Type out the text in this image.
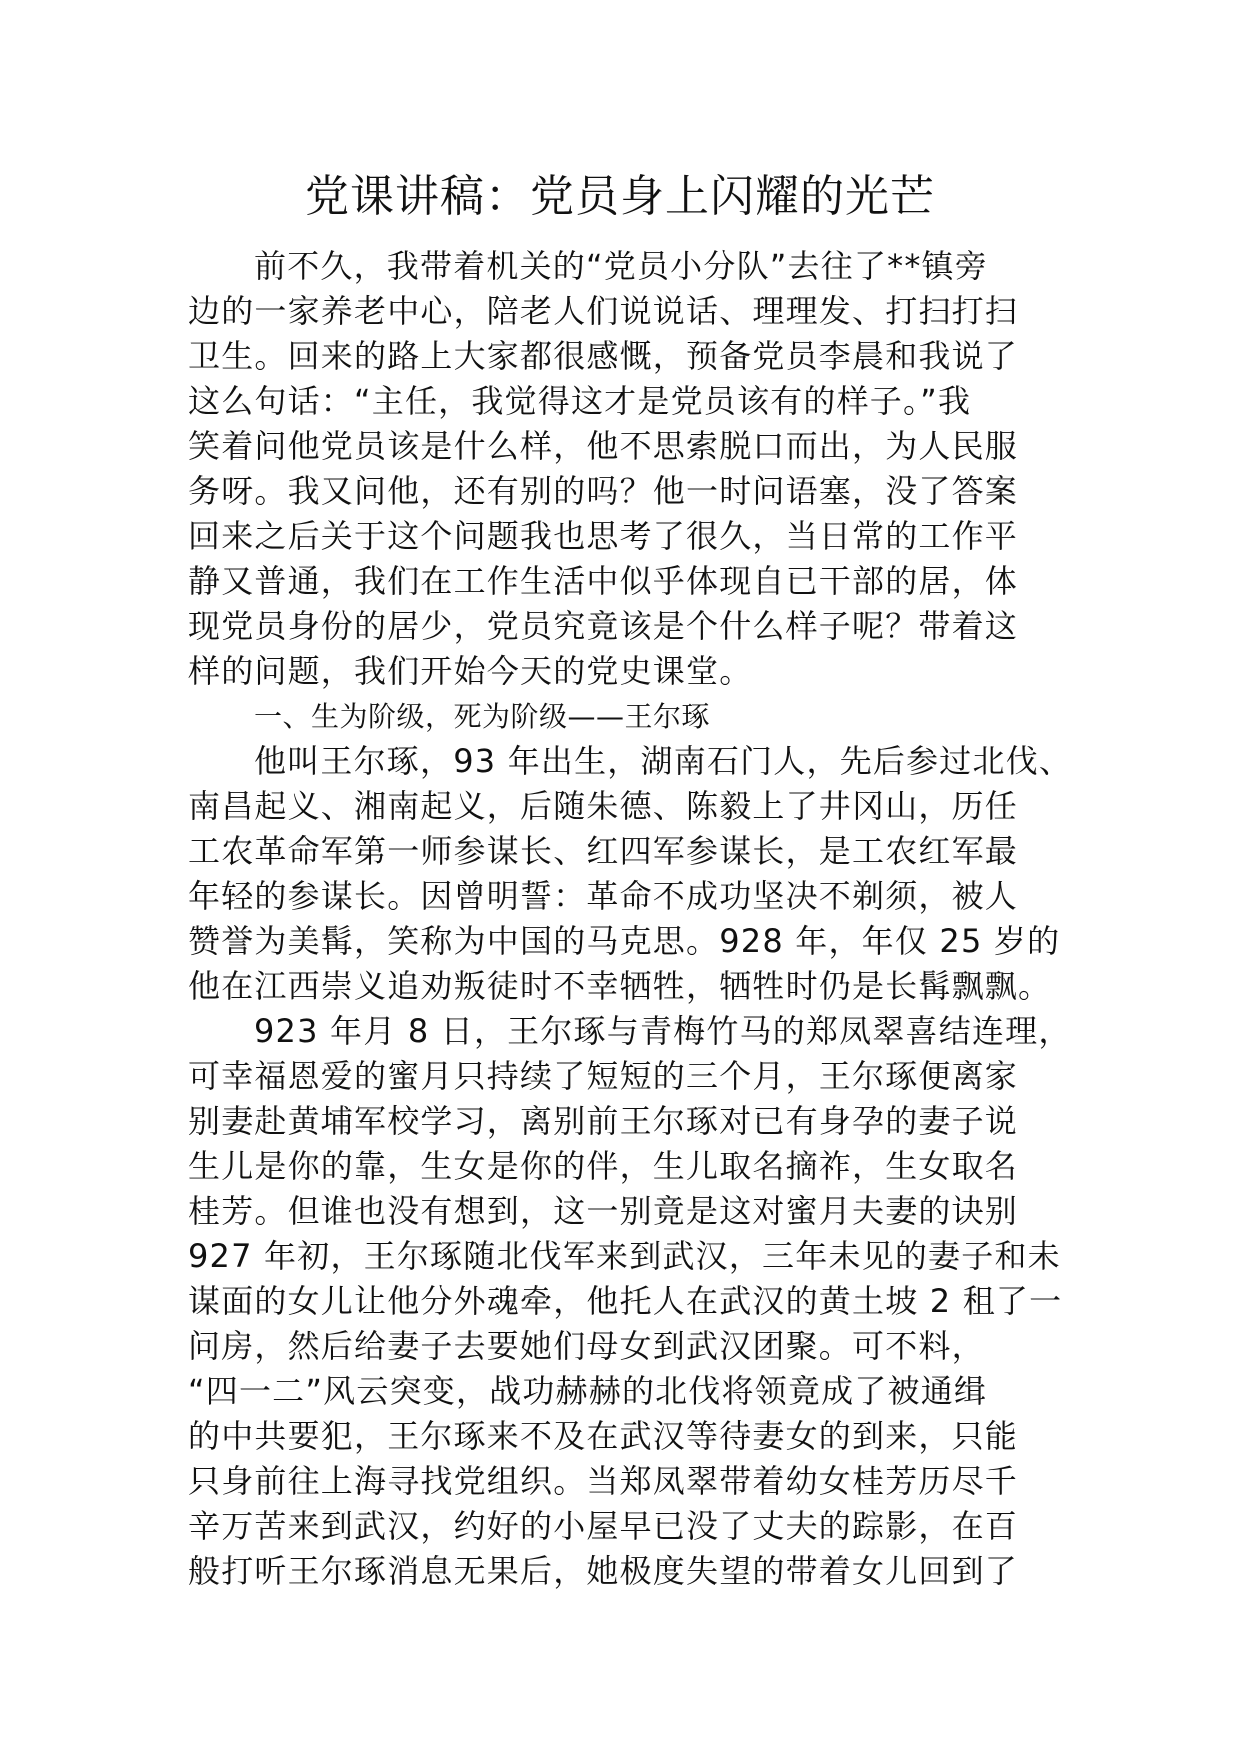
党课讲稿：党员身上闪耀的光芒
前不久，我带着机关的“党员小分队”去往了**镇旁
边的一家养老中心，陪老人们说说话、理理发、打扫打扫
卫生。回来的路上大家都很感慨，预备党员李晨和我说了
这么句话：“主任，我觉得这才是党员该有的样子。”我
笑着问他党员该是什么样，他不思索脱口而出，为人民服
务呀。我又问他，还有别的吗？他一时问语塞，没了答案
回来之后关于这个问题我也思考了很久，当日常的工作平
静又普通，我们在工作生活中似乎体现自已干部的居，体
现党员身份的居少，党员究竟该是个什么样子呢？带着这
样的问题，我们开始今天的党史课堂。
一、生为阶级，死为阶级——王尔琢
他叫王尔琢，93 年出生，湖南石门人，先后参过北伐、
南昌起义、湘南起义，后随朱德、陈毅上了井冈山，历任
工农革命军第一师参谋长、红四军参谋长，是工农红军最
年轻的参谋长。因曾明誓：革命不成功坚决不剃须，被人
赞誉为美髯，笑称为中国的马克思。928 年，年仅 25 岁的
他在江西崇义追劝叛徒时不幸牺牲，牺牲时仍是长髯飘飘。
923 年月 8 日，王尔琢与青梅竹马的郑凤翠喜结连理，
可幸福恩爱的蜜月只持续了短短的三个月，王尔琢便离家
别妻赴黄埔军校学习，离别前王尔琢对已有身孕的妻子说
生儿是你的靠，生女是你的伴，生儿取名摘祚，生女取名
桂芳。但谁也没有想到，这一别竟是这对蜜月夫妻的诀别
927 年初，王尔琢随北伐军来到武汉，三年未见的妻子和未
谋面的女儿让他分外魂牵，他托人在武汉的黄土坡 2 租了一
问房，然后给妻子去要她们母女到武汉团聚。可不料，
“四一二”风云突变，战功赫赫的北伐将领竟成了被通缉
的中共要犯，王尔琢来不及在武汉等待妻女的到来，只能
只身前往上海寻找党组织。当郑凤翠带着幼女桂芳历尽千
辛万苦来到武汉，约好的小屋早已没了丈夫的踪影，在百
般打听王尔琢消息无果后，她极度失望的带着女儿回到了
